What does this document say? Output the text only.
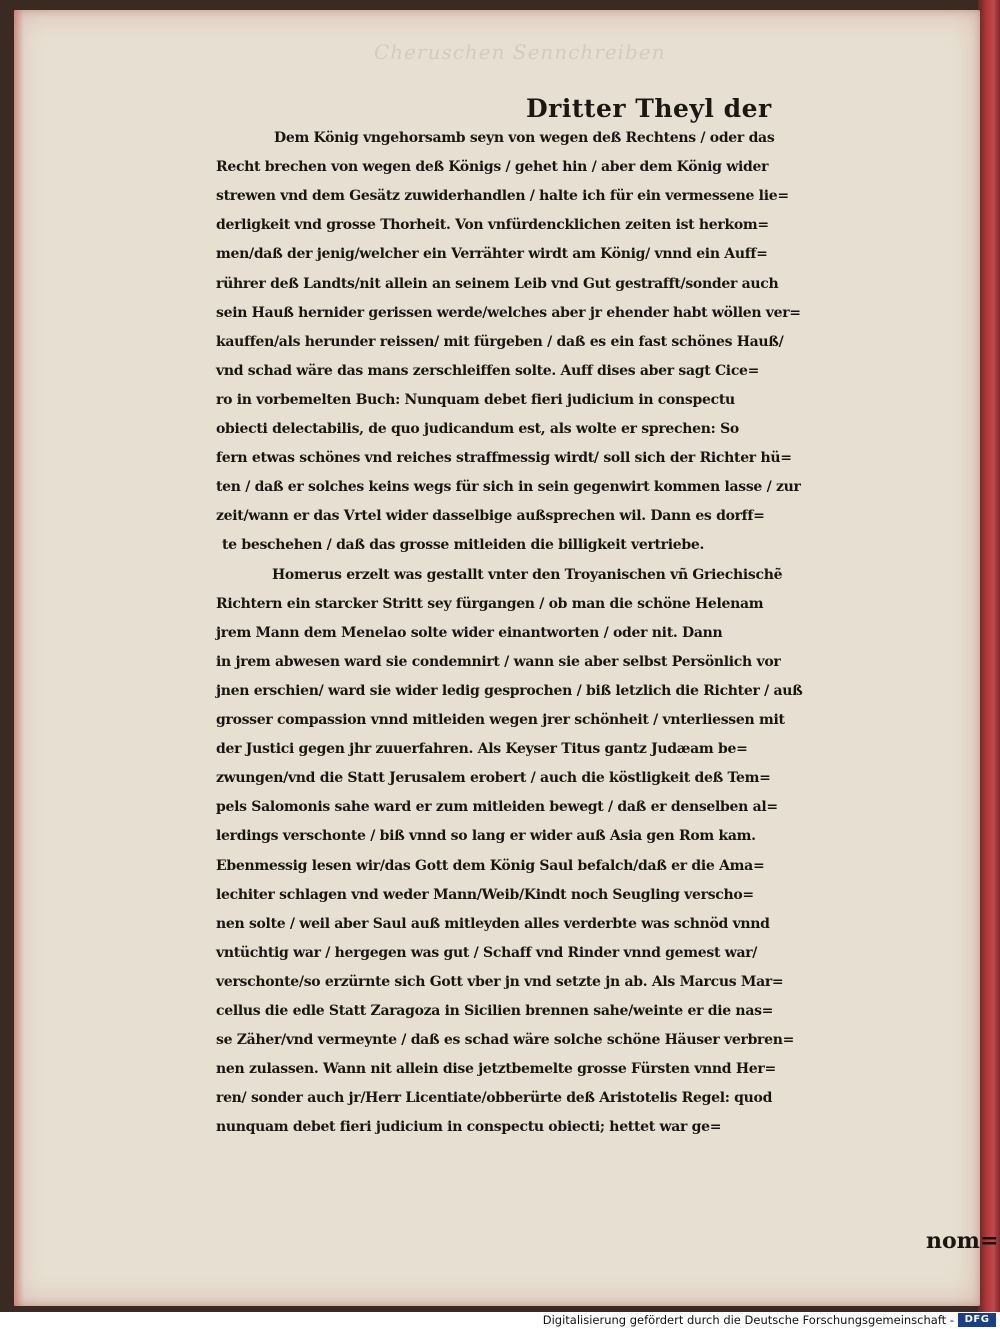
Cheruschen Sennchreiben
Dritter Theyl der
Dem König vngehorsamb seyn von wegen deß Rechtens / oder das
Recht brechen von wegen deß Königs / gehet hin / aber dem König wider
strewen vnd dem Gesätz zuwiderhandlen / halte ich für ein vermessene lie=
derligkeit vnd grosse Thorheit. Von vnfürdencklichen zeiten ist herkom=
men/daß der jenig/welcher ein Verrähter wirdt am König/ vnnd ein Auff=
rührer deß Landts/nit allein an seinem Leib vnd Gut gestrafft/sonder auch
sein Hauß hernider gerissen werde/welches aber jr ehender habt wöllen ver=
kauffen/als herunder reissen/ mit fürgeben / daß es ein fast schönes Hauß/
vnd schad wäre das mans zerschleiffen solte. Auff dises aber sagt Cice=
ro in vorbemelten Buch: Nunquam debet fieri judicium in conspectu
obiecti delectabilis, de quo judicandum est, als wolte er sprechen: So
fern etwas schönes vnd reiches straffmessig wirdt/ soll sich der Richter hü=
ten / daß er solches keins wegs für sich in sein gegenwirt kommen lasse / zur
zeit/wann er das Vrtel wider dasselbige außsprechen wil. Dann es dorff=
te beschehen / daß das grosse mitleiden die billigkeit vertriebe.
Homerus erzelt was gestallt vnter den Troyanischen vñ Griechischẽ
Richtern ein starcker Stritt sey fürgangen / ob man die schöne Helenam
jrem Mann dem Menelao solte wider einantworten / oder nit. Dann
in jrem abwesen ward sie condemnirt / wann sie aber selbst Persönlich vor
jnen erschien/ ward sie wider ledig gesprochen / biß letzlich die Richter / auß
grosser compassion vnnd mitleiden wegen jrer schönheit / vnterliessen mit
der Justici gegen jhr zuuerfahren. Als Keyser Titus gantz Judæam be=
zwungen/vnd die Statt Jerusalem erobert / auch die köstligkeit deß Tem=
pels Salomonis sahe ward er zum mitleiden bewegt / daß er denselben al=
lerdings verschonte / biß vnnd so lang er wider auß Asia gen Rom kam.
Ebenmessig lesen wir/das Gott dem König Saul befalch/daß er die Ama=
lechiter schlagen vnd weder Mann/Weib/Kindt noch Seugling verscho=
nen solte / weil aber Saul auß mitleyden alles verderbte was schnöd vnnd
vntüchtig war / hergegen was gut / Schaff vnd Rinder vnnd gemest war/
verschonte/so erzürnte sich Gott vber jn vnd setzte jn ab. Als Marcus Mar=
cellus die edle Statt Zaragoza in Sicilien brennen sahe/weinte er die nas=
se Zäher/vnd vermeynte / daß es schad wäre solche schöne Häuser verbren=
nen zulassen. Wann nit allein dise jetztbemelte grosse Fürsten vnnd Her=
ren/ sonder auch jr/Herr Licentiate/obberürte deß Aristotelis Regel: quod
nunquam debet fieri judicium in conspectu obiecti; hettet war ge=
nom=
Digitalisierung gefördert durch die Deutsche Forschungsgemeinschaft -	DFG
